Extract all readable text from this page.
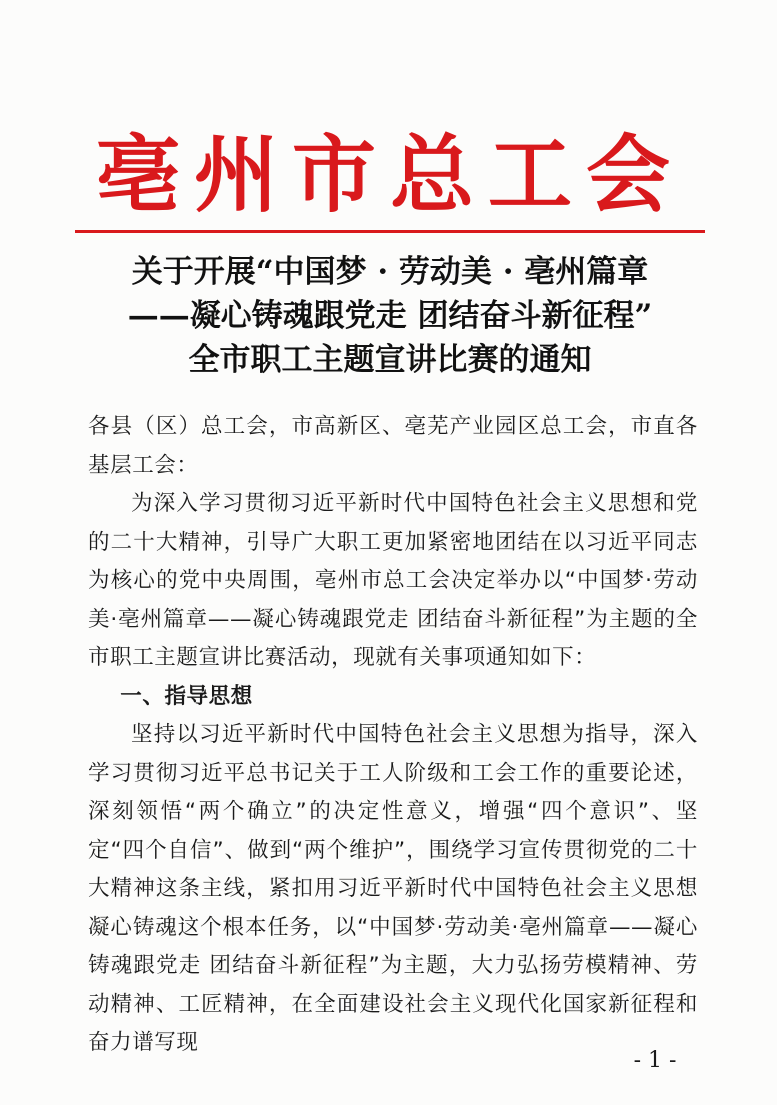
亳州市总工会
关于开展“中国梦 · 劳动美 · 亳州篇章
——凝心铸魂跟党走 团结奋斗新征程”
全市职工主题宣讲比赛的通知

各县（区）总工会，市高新区、亳芜产业园区总工会，市直各基层工会：

为深入学习贯彻习近平新时代中国特色社会主义思想和党的二十大精神，引导广大职工更加紧密地团结在以习近平同志为核心的党中央周围，亳州市总工会决定举办以“中国梦·劳动美·亳州篇章——凝心铸魂跟党走 团结奋斗新征程”为主题的全市职工主题宣讲比赛活动，现就有关事项通知如下：

一、指导思想

坚持以习近平新时代中国特色社会主义思想为指导，深入学习贯彻习近平总书记关于工人阶级和工会工作的重要论述，深刻领悟“两个确立”的决定性意义，增强“四个意识”、坚定“四个自信”、做到“两个维护”，围绕学习宣传贯彻党的二十大精神这条主线，紧扣用习近平新时代中国特色社会主义思想凝心铸魂这个根本任务，以“中国梦·劳动美·亳州篇章——凝心铸魂跟党走 团结奋斗新征程”为主题，大力弘扬劳模精神、劳动精神、工匠精神，在全面建设社会主义现代化国家新征程和奋力谱写现

- 1 -
